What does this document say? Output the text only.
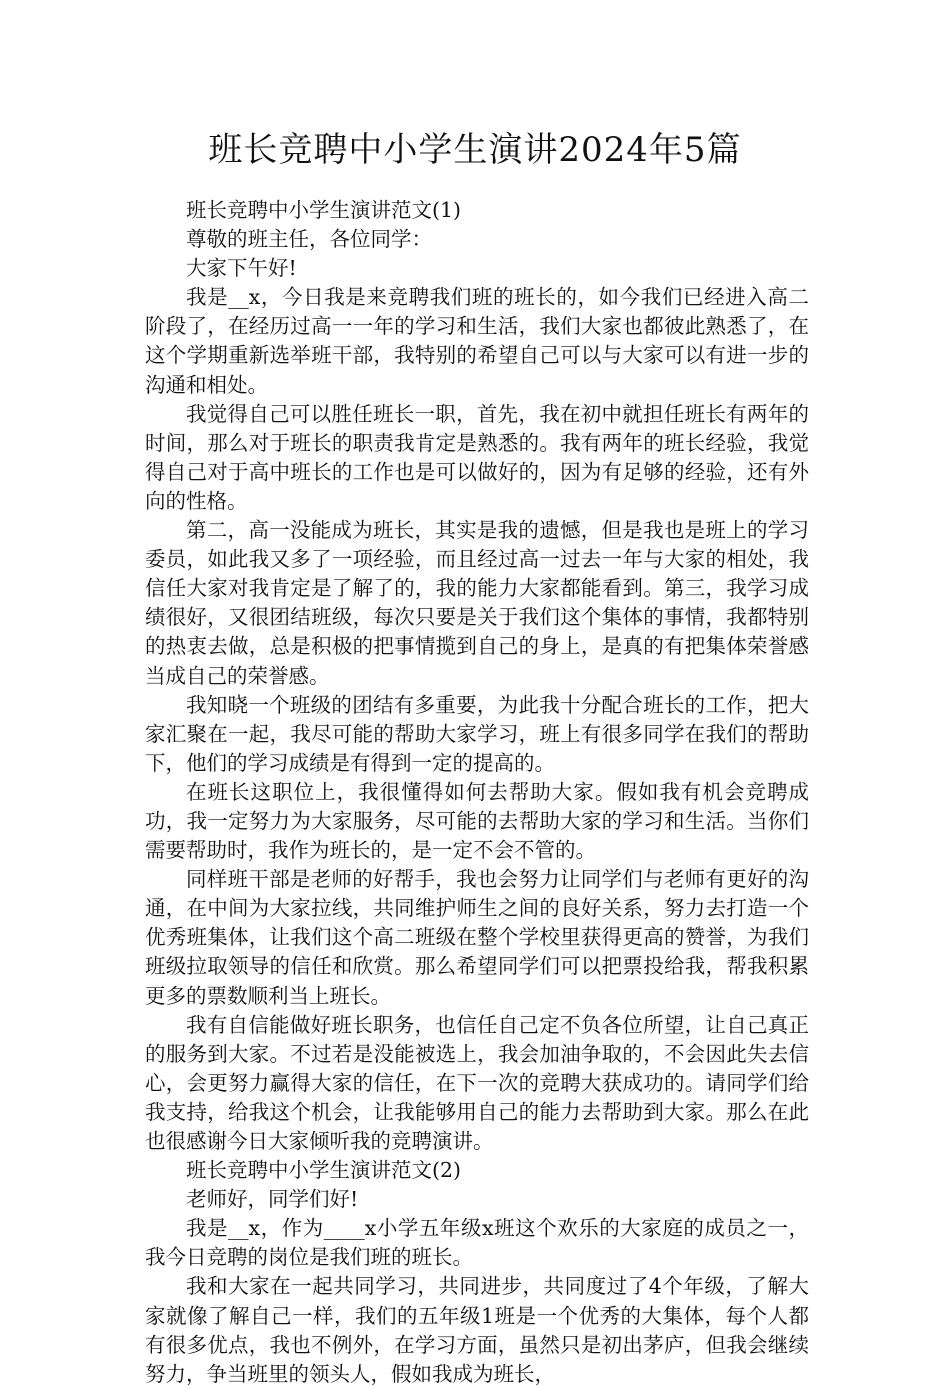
班长竞聘中小学生演讲2024年5篇

班长竞聘中小学生演讲范文(1)

尊敬的班主任，各位同学：

大家下午好!

我是__x，今日我是来竞聘我们班的班长的，如今我们已经进入高二阶段了，在经历过高一一年的学习和生活，我们大家也都彼此熟悉了，在这个学期重新选举班干部，我特别的希望自己可以与大家可以有进一步的沟通和相处。

我觉得自己可以胜任班长一职，首先，我在初中就担任班长有两年的时间，那么对于班长的职责我肯定是熟悉的。我有两年的班长经验，我觉得自己对于高中班长的工作也是可以做好的，因为有足够的经验，还有外向的性格。

第二，高一没能成为班长，其实是我的遗憾，但是我也是班上的学习委员，如此我又多了一项经验，而且经过高一过去一年与大家的相处，我信任大家对我肯定是了解了的，我的能力大家都能看到。第三，我学习成绩很好，又很团结班级，每次只要是关于我们这个集体的事情，我都特别的热衷去做，总是积极的把事情揽到自己的身上，是真的有把集体荣誉感当成自己的荣誉感。

我知晓一个班级的团结有多重要，为此我十分配合班长的工作，把大家汇聚在一起，我尽可能的帮助大家学习，班上有很多同学在我们的帮助下，他们的学习成绩是有得到一定的提高的。

在班长这职位上，我很懂得如何去帮助大家。假如我有机会竞聘成功，我一定努力为大家服务，尽可能的去帮助大家的学习和生活。当你们需要帮助时，我作为班长的，是一定不会不管的。

同样班干部是老师的好帮手，我也会努力让同学们与老师有更好的沟通，在中间为大家拉线，共同维护师生之间的良好关系，努力去打造一个优秀班集体，让我们这个高二班级在整个学校里获得更高的赞誉，为我们班级拉取领导的信任和欣赏。那么希望同学们可以把票投给我，帮我积累更多的票数顺利当上班长。

我有自信能做好班长职务，也信任自己定不负各位所望，让自己真正的服务到大家。不过若是没能被选上，我会加油争取的，不会因此失去信心，会更努力赢得大家的信任，在下一次的竞聘大获成功的。请同学们给我支持，给我这个机会，让我能够用自己的能力去帮助到大家。那么在此也很感谢今日大家倾听我的竞聘演讲。

班长竞聘中小学生演讲范文(2)

老师好，同学们好!

我是__x，作为____x小学五年级x班这个欢乐的大家庭的成员之一，我今日竞聘的岗位是我们班的班长。

我和大家在一起共同学习，共同进步，共同度过了4个年级，了解大家就像了解自己一样，我们的五年级1班是一个优秀的大集体，每个人都有很多优点，我也不例外，在学习方面，虽然只是初出茅庐，但我会继续努力，争当班里的领头人，假如我成为班长，
